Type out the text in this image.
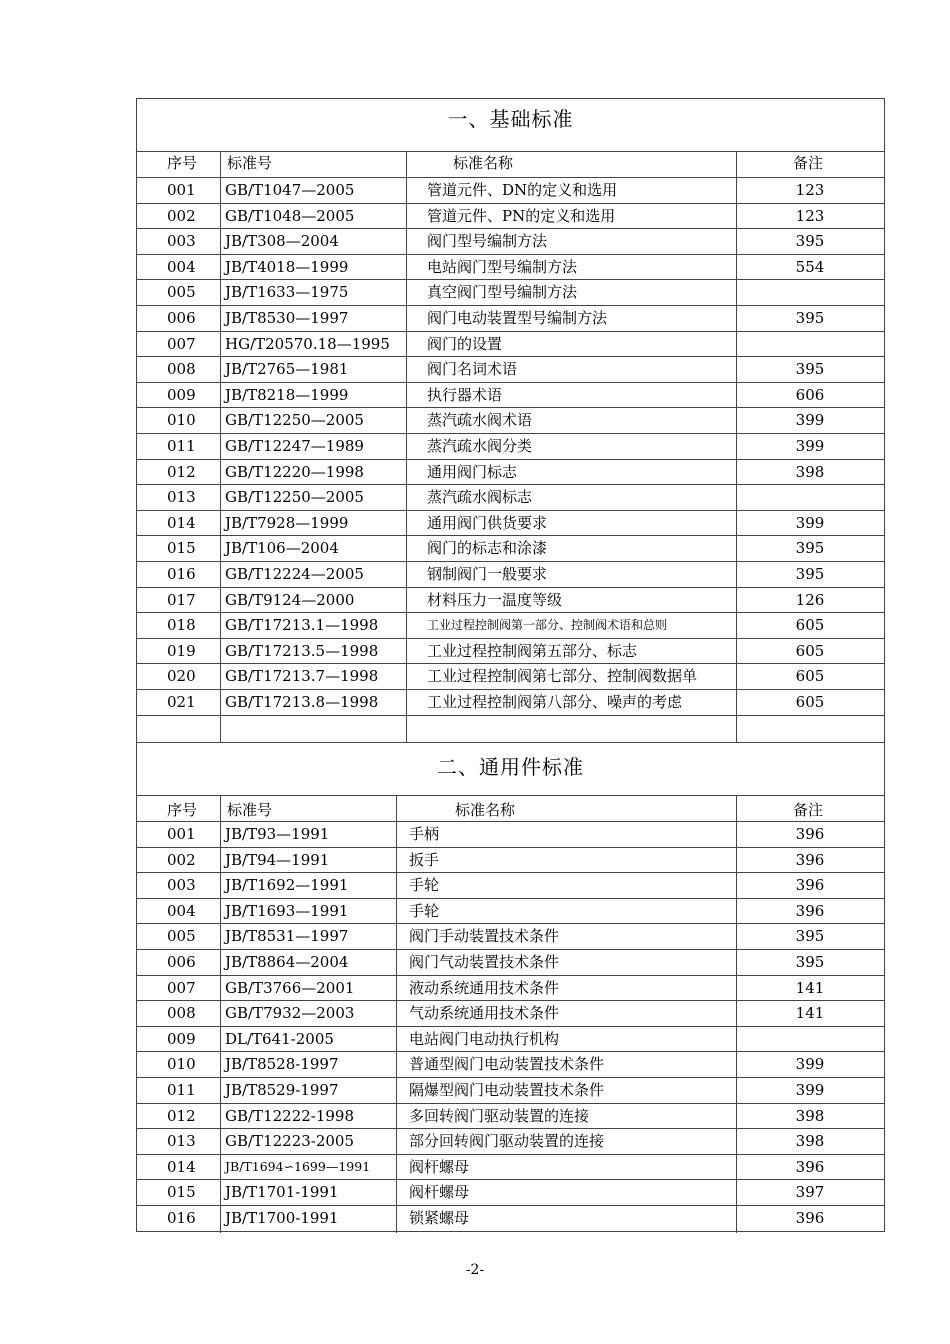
一、基础标准
序号 标准号	标准名称	备注
001 GB/T1047—2005	管道元件、DN的定义和选用	123
002 GB/T1048—2005	管道元件、PN的定义和选用	123
003 JB/T308—2004	阀门型号编制方法	395
004 JB/T4018—1999	电站阀门型号编制方法	554
005 JB/T1633—1975	真空阀门型号编制方法
006 JB/T8530—1997	阀门电动装置型号编制方法	395
007 HG/T20570.18—1995 阀门的设置
008 JB/T2765—1981	阀门名词术语	395
009 JB/T8218—1999	执行器术语	606
010 GB/T12250—2005	蒸汽疏水阀术语	399
011 GB/T12247—1989	蒸汽疏水阀分类	399
012 GB/T12220—1998	通用阀门标志	398
013 GB/T12250—2005	蒸汽疏水阀标志
014 JB/T7928—1999	通用阀门供货要求	399
015 JB/T106—2004	阀门的标志和涂漆	395
016 GB/T12224—2005	钢制阀门一般要求	395
017 GB/T9124—2000	材料压力一温度等级	126
018 GB/T17213.1—1998	工业过程控制阀第一部分、控制阀术语和总则	605
019 GB/T17213.5—1998	工业过程控制阀第五部分、标志	605
020 GB/T17213.7—1998	工业过程控制阀第七部分、控制阀数据单	605
021 GB/T17213.8—1998	工业过程控制阀第八部分、噪声的考虑	605
二、通用件标准
序号 标准号	标准名称	备注
001 JB/T93—1991	手柄	396
002 JB/T94—1991	扳手	396
003 JB/T1692—1991	手轮	396
004 JB/T1693—1991	手轮	396
005 JB/T8531—1997	阀门手动装置技术条件	395
006 JB/T8864—2004	阀门气动装置技术条件	395
007 GB/T3766—2001	液动系统通用技术条件	141
008 GB/T7932—2003	气动系统通用技术条件	141
009 DL/T641-2005	电站阀门电动执行机构
010 JB/T8528-1997	普通型阀门电动装置技术条件	399
011 JB/T8529-1997	隔爆型阀门电动装置技术条件	399
012 GB/T12222-1998	多回转阀门驱动装置的连接	398
013 GB/T12223-2005	部分回转阀门驱动装置的连接	398
014 JB/T1694∽1699—1991	阀杆螺母	396
015 JB/T1701-1991	阀杆螺母	397
016 JB/T1700-1991	锁紧螺母	396
-2-
